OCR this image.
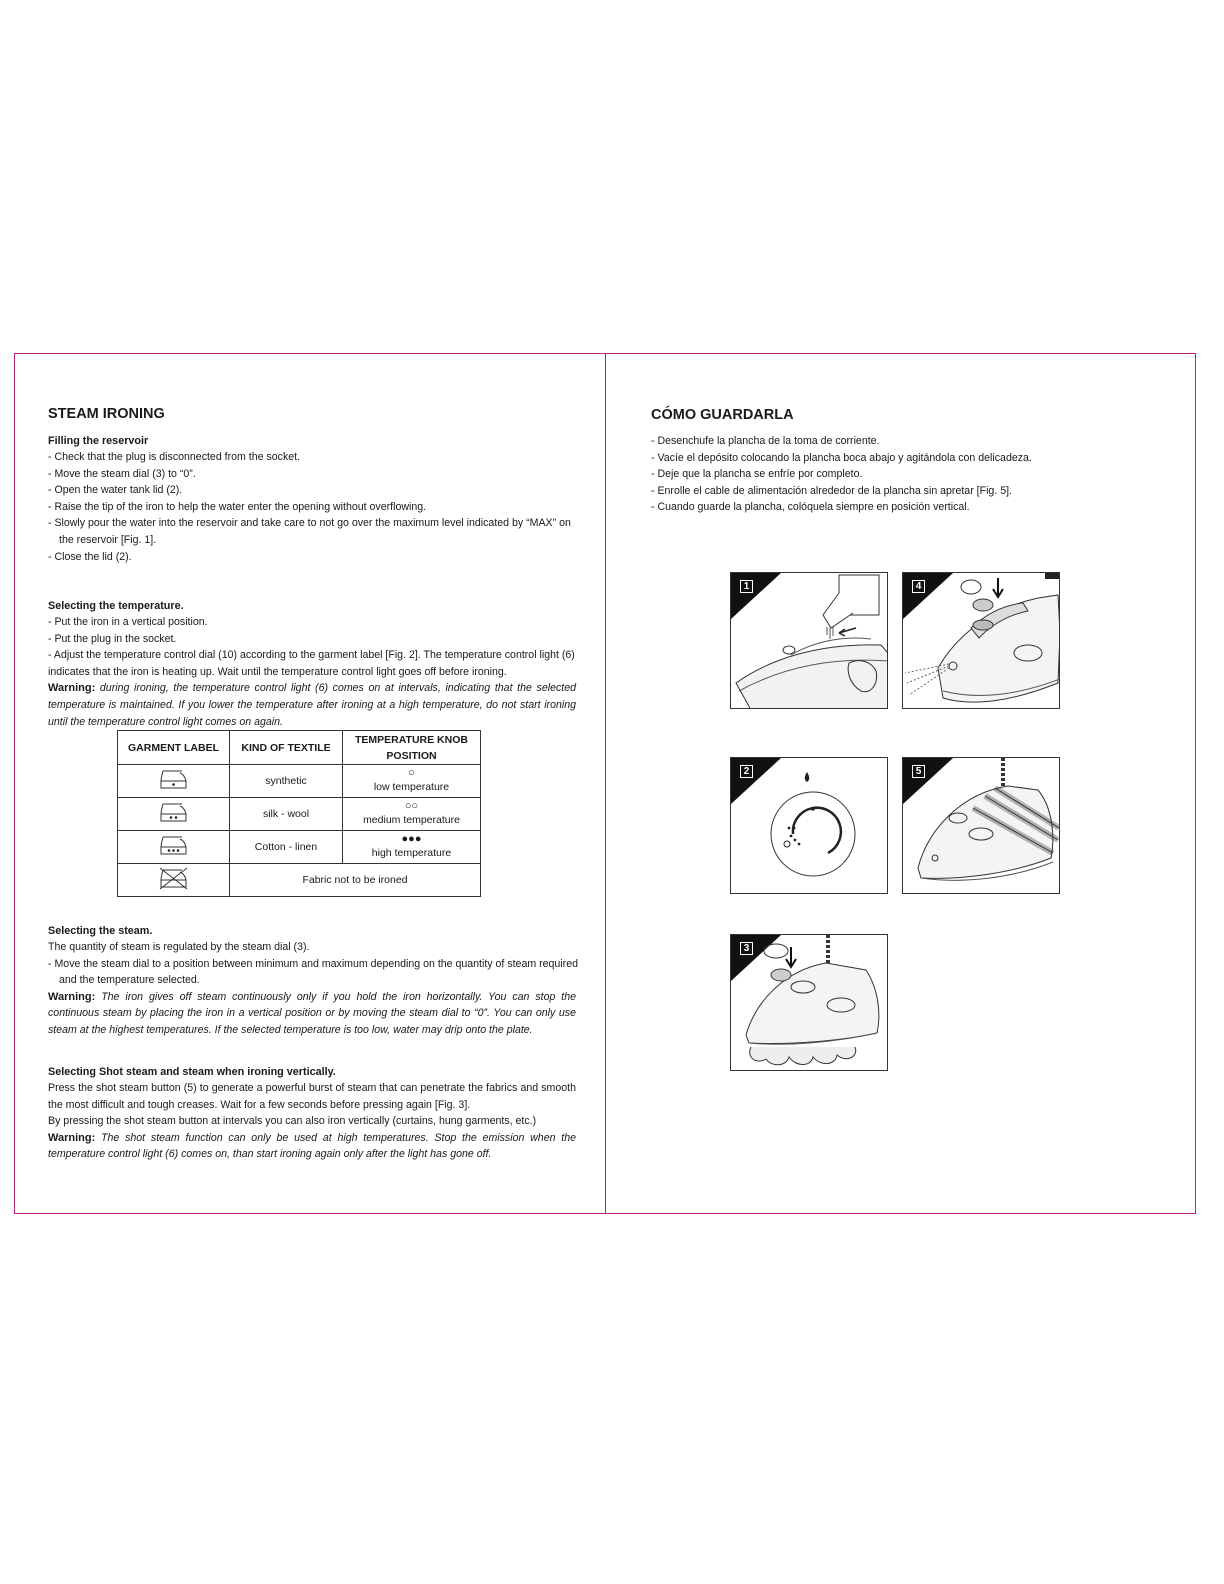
STEAM IRONING
Filling the reservoir
- Check that the plug is disconnected from the socket.
- Move the steam dial (3) to “0”.
- Open the water tank lid (2).
- Raise the tip of the iron to help the water enter the opening without overflowing.
- Slowly pour the water into the reservoir and take care to not go over the maximum level indicated by “MAX” on
the reservoir [Fig. 1].
- Close the lid (2).
Selecting the temperature.
- Put the iron in a vertical position.
- Put the plug in the socket.
- Adjust the temperature control dial (10) according to the garment label [Fig. 2]. The temperature control light (6)
indicates that the iron is heating up. Wait until the temperature control light goes off before ironing.
Warning: during ironing, the temperature control light (6) comes on at intervals, indicating that the selected temperature is maintained. If you lower the temperature after ironing at a high temperature, do not start ironing until the temperature control light comes on again.
GARMENT LABEL	KIND OF TEXTILE	TEMPERATURE KNOB POSITION
	synthetic	○
low temperature
	silk - wool	○○
medium temperature
	Cotton - linen	●●●
high temperature
	Fabric not to be ironed	
Selecting the steam.
The quantity of steam is regulated by the steam dial (3).
- Move the steam dial to a position between minimum and maximum depending on the quantity of steam required
and the temperature selected.
Warning: The iron gives off steam continuously only if you hold the iron horizontally. You can stop the continuous steam by placing the iron in a vertical position or by moving the steam dial to “0”. You can only use steam at the highest temperatures. If the selected temperature is too low, water may drip onto the plate.
Selecting Shot steam and steam when ironing vertically.
Press the shot steam button (5) to generate a powerful burst of steam that can penetrate the fabrics and smooth the most difficult and tough creases. Wait for a few seconds before pressing again [Fig. 3].
By pressing the shot steam button at intervals you can also iron vertically (curtains, hung garments, etc.)
Warning: The shot steam function can only be used at high temperatures. Stop the emission when the temperature control light (6) comes on, than start ironing again only after the light has gone off.
CÓMO GUARDARLA
- Desenchufe la plancha de la toma de corriente.
- Vacíe el depósito colocando la plancha boca abajo y agitándola con delicadeza.
- Deje que la plancha se enfríe por completo.
- Enrolle el cable de alimentación alrededor de la plancha sin apretar [Fig. 5].
- Cuando guarde la plancha, colóquela siempre en posición vertical.
1	4
2	5
3
